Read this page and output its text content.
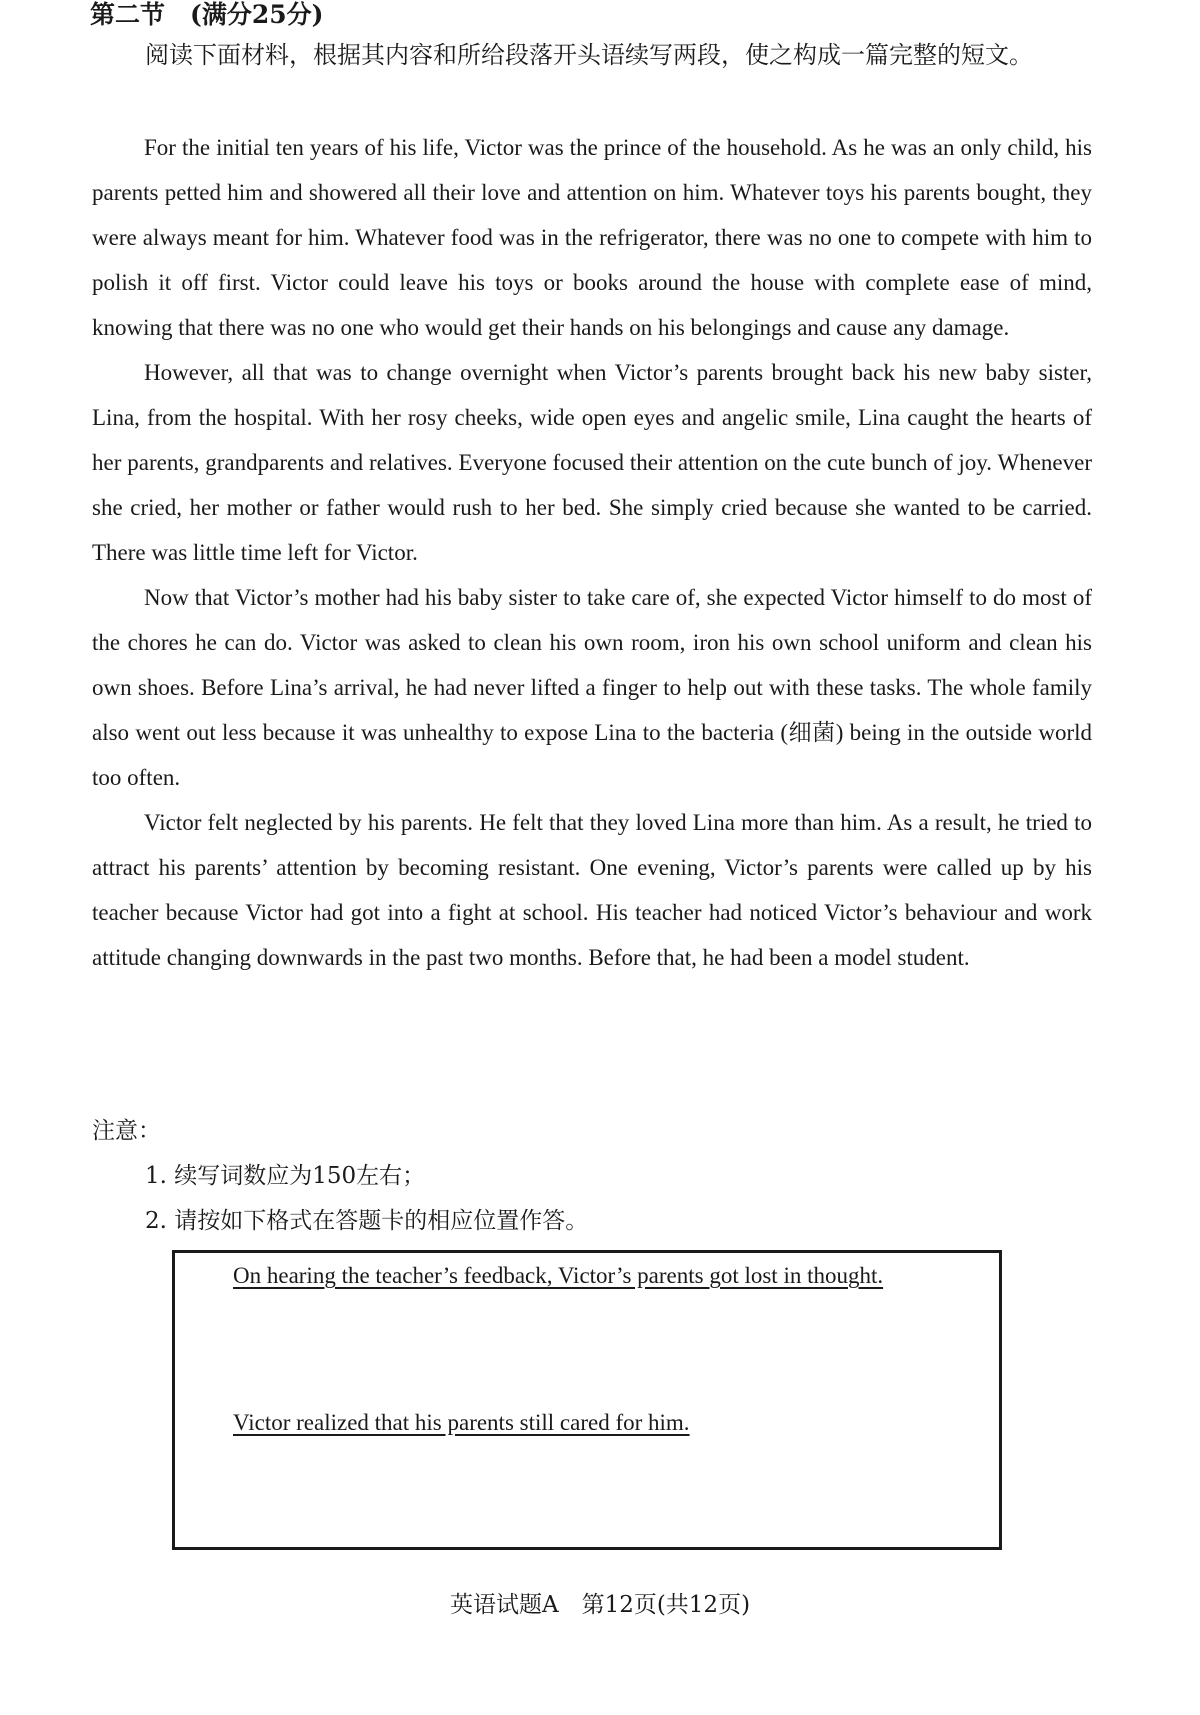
第二节　(满分25分)
阅读下面材料，根据其内容和所给段落开头语续写两段，使之构成一篇完整的短文。

For the initial ten years of his life, Victor was the prince of the household. As he was an only child, his parents petted him and showered all their love and attention on him. Whatever toys his parents bought, they were always meant for him. Whatever food was in the refrigerator, there was no one to compete with him to polish it off first. Victor could leave his toys or books around the house with complete ease of mind, knowing that there was no one who would get their hands on his belongings and cause any damage.

However, all that was to change overnight when Victor’s parents brought back his new baby sister, Lina, from the hospital. With her rosy cheeks, wide open eyes and angelic smile, Lina caught the hearts of her parents, grandparents and relatives. Everyone focused their attention on the cute bunch of joy. Whenever she cried, her mother or father would rush to her bed. She simply cried because she wanted to be carried. There was little time left for Victor.

Now that Victor’s mother had his baby sister to take care of, she expected Victor himself to do most of the chores he can do. Victor was asked to clean his own room, iron his own school uniform and clean his own shoes. Before Lina’s arrival, he had never lifted a finger to help out with these tasks. The whole family also went out less because it was unhealthy to expose Lina to the bacteria (细菌) being in the outside world too often.

Victor felt neglected by his parents. He felt that they loved Lina more than him. As a result, he tried to attract his parents’ attention by becoming resistant. One evening, Victor’s parents were called up by his teacher because Victor had got into a fight at school. His teacher had noticed Victor’s behaviour and work attitude changing downwards in the past two months. Before that, he had been a model student.

注意：
1. 续写词数应为150左右；
2. 请按如下格式在答题卡的相应位置作答。
On hearing the teacher’s feedback, Victor’s parents got lost in thought.
Victor realized that his parents still cared for him.
英语试题A　第12页(共12页)
